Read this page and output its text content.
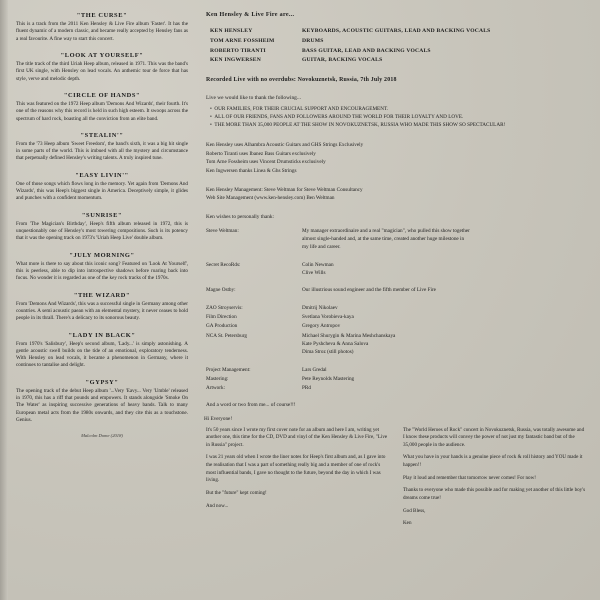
"THE CURSE"

This is a track from the 2011 Ken Hensley & Live Fire album 'Faster'. It has the fluent dynamic of a modern classic, and became really accepted by Hensley fans as a real favourite. A fine way to start this concert.

"LOOK AT YOURSELF"

The title track of the third Uriah Heep album, released in 1971. This was the band's first UK single, with Hensley on lead vocals. An anthemic tour de force that has style, verve and melodic depth.

"CIRCLE OF HANDS"

This was featured on the 1972 Heep album 'Demons And Wizards', their fourth. It's one of the reasons why this record is held in such high esteem. It swoops across the spectrum of hard rock, boasting all the conviction from an elite band.

"STEALIN'"

From the '73 Heep album 'Sweet Freedom', the band's sixth, it was a big hit single in some parts of the world. This is imbued with all the mystery and circumstance that perpetually defined Hensley's writing talents. A truly inspired tune.

"EASY LIVIN'"

One of those songs which flows long in the memory. Yet again from 'Demons And Wizards', this was Heep's biggest single in America. Deceptively simple, it glides and punches with a confident momentum.

"SUNRISE"

From 'The Magician's Birthday', Heep's fifth album released in 1972, this is unquestionably one of Hensley's most towering compositions. Such is its potency that it was the opening track on 1973's 'Uriah Heep Live' double album.

"JULY MORNING"

What more is there to say about this iconic song? Featured on 'Look At Yourself', this is peerless, able to dip into introspective shadows before roaring back into focus. No wonder it is regarded as one of the key rock tracks of the 1970s.

"THE WIZARD"

From 'Demons And Wizards', this was a successful single in Germany among other countries. A semi acoustic paean with an elemental mystery, it never ceases to hold people in its thrall. There's a delicacy to its sonorous beauty.

"LADY IN BLACK"

From 1970's 'Salisbury', Heep's second album, 'Lady...' is simply astonishing. A gentle acoustic swell builds on the tide of an emotional, exploratory tenderness. With Hensley on lead vocals, it became a phenomenon in Germany, where it continues to tantalise and delight.

"GYPSY"

The opening track of the debut Heep album '...Very 'Eavy... Very 'Umble' released in 1970, this has a riff that pounds and empowers. It stands alongside 'Smoke On The Water' as inspiring successive generations of heavy bands. Talk to many European metal acts from the 1980s onwards, and they cite this as a touchstone. Genius.

Malcolm Dome (2018)
Ken Hensley & Live Fire are...
KEN HENSLEY	KEYBOARDS, ACOUSTIC GUITARS, LEAD AND BACKING VOCALS
TOM ARNE FOSSHEIM	DRUMS
ROBERTO TIRANTI	BASS GUITAR, LEAD AND BACKING VOCALS
KEN INGWERSEN	GUITAR, BACKING VOCALS
Recorded Live with no overdubs: Novokuznetsk, Russia, 7th July 2018
Live we would like to thank the following...
•  OUR FAMILIES, FOR THEIR CRUCIAL SUPPORT AND ENCOURAGEMENT.
•  ALL OF OUR FRIENDS, FANS AND FOLLOWERS AROUND THE WORLD FOR THEIR LOYALTY AND LOVE.
•  THE MORE THAN 35,000 PEOPLE AT THE SHOW IN NOVOKUZNETSK, RUSSIA WHO MADE THIS SHOW SO SPECTACULAR!

Ken Hensley uses Alhambra Acoustic Guitars and GHS Strings Exclusively

Roberto Tiranti uses Ibanez Bass Guitars exclusively

Tom Arne Fossheim uses Vincent Drumsticks exclusively

Ken Ingwersen thanks Linea & Ghs Strings

Ken Hensley Management: Steve Weltman for Steve Weltman Consultancy

Web Site Management (www.ken-hensley.com) Ben Weltman

Ken wishes to personally thank:
Steve Weltman:	My manager extraordinaire and a real "magician", who pulled this show together
almost single-handed and, at the same time, created another huge milestone in
my life and career.
Secret RecoRds:	Colin Newman
Clive Wills
Magne Ostby:	Our illustrious sound engineer and the fifth member of Live Fire
ZAO Stroyservis:	Dmitrij Nikolaev
Film Direction	Svetlana Vorobieva-kaya
GA Production	Gregory Antropov
NCA St. Petersburg	Michael Shurygin & Marina Meshchanskaya
Kate Pyshcheva & Anna Salova
Dima Stroz (still photos)
Project Management:	Lars Gredal
Mastering:	Pete Reynolds Mastering
Artwork:	PRd
And a word or two from me... of course!!!
Hi Everyone!

It's 50 years since I wrote my first cover note for an album and here I am, writing yet another one, this time for the CD, DVD and vinyl of the Ken Hensley & Live Fire, "Live in Russia" project.

I was 21 years old when I wrote the liner notes for Heep's first album and, as I gave into the realisation that I was a part of something really big and a member of one of rock's most influential bands, I gave no thought to the future, beyond the day in which I was living.

But the "future" kept coming!

And now...

The "World Heroes of Rock" concert in Novokuznetsk, Russia, was totally awesome and I know these products will convey the power of not just my fantastic band but of the 35,000 people in the audience.

What you have in your hands is a genuine piece of rock & roll history and YOU made it happen!!

Play it loud and remember that tomorrow never comes! For now!

Thanks to everyone who made this possible and for making yet another of this little boy's dreams come true!

God Bless,

Ken
